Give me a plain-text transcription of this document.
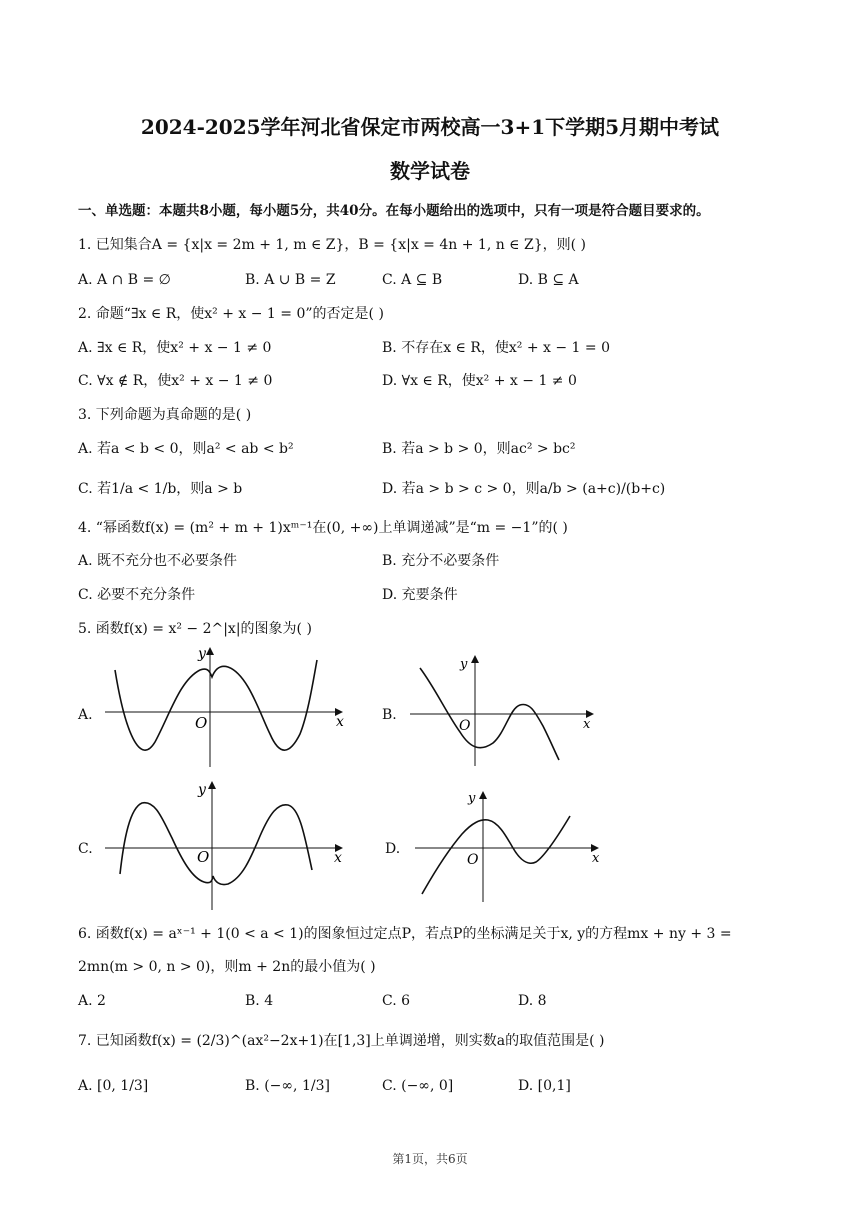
2024-2025学年河北省保定市两校高一3+1下学期5月期中考试
数学试卷
一、单选题：本题共8小题，每小题5分，共40分。在每小题给出的选项中，只有一项是符合题目要求的。
1. 已知集合A = {x|x = 2m + 1, m ∈ Z}，B = {x|x = 4n + 1, n ∈ Z}，则( )
A. A ∩ B = ∅	B. A ∪ B = Z	C. A ⊆ B	D. B ⊆ A
2. 命题“∃x ∈ R，使x² + x − 1 = 0”的否定是( )
A. ∃x ∈ R，使x² + x − 1 ≠ 0	B. 不存在x ∈ R，使x² + x − 1 = 0
C. ∀x ∉ R，使x² + x − 1 ≠ 0	D. ∀x ∈ R，使x² + x − 1 ≠ 0
3. 下列命题为真命题的是( )
A. 若a < b < 0，则a² < ab < b²	B. 若a > b > 0，则ac² > bc²
C. 若1/a < 1/b，则a > b	D. 若a > b > c > 0，则a/b > (a+c)/(b+c)
4. “幂函数f(x) = (m² + m + 1)xᵐ⁻¹在(0, +∞)上单调递减”是“m = −1”的( )
A. 既不充分也不必要条件	B. 充分不必要条件
C. 必要不充分条件	D. 充要条件
5. 函数f(x) = x² − 2^|x|的图象为( )
A.	O	x
y
B.
O	x
y
C.	O	x
y
D.
O	x
y
6. 函数f(x) = aˣ⁻¹ + 1(0 < a < 1)的图象恒过定点P，若点P的坐标满足关于x, y的方程mx + ny + 3 =
2mn(m > 0, n > 0)，则m + 2n的最小值为( )
A. 2	B. 4	C. 6	D. 8
7. 已知函数f(x) = (2/3)^(ax²−2x+1)在[1,3]上单调递增，则实数a的取值范围是( )
A. [0, 1/3]	B. (−∞, 1/3]	C. (−∞, 0]	D. [0,1]
第1页，共6页
